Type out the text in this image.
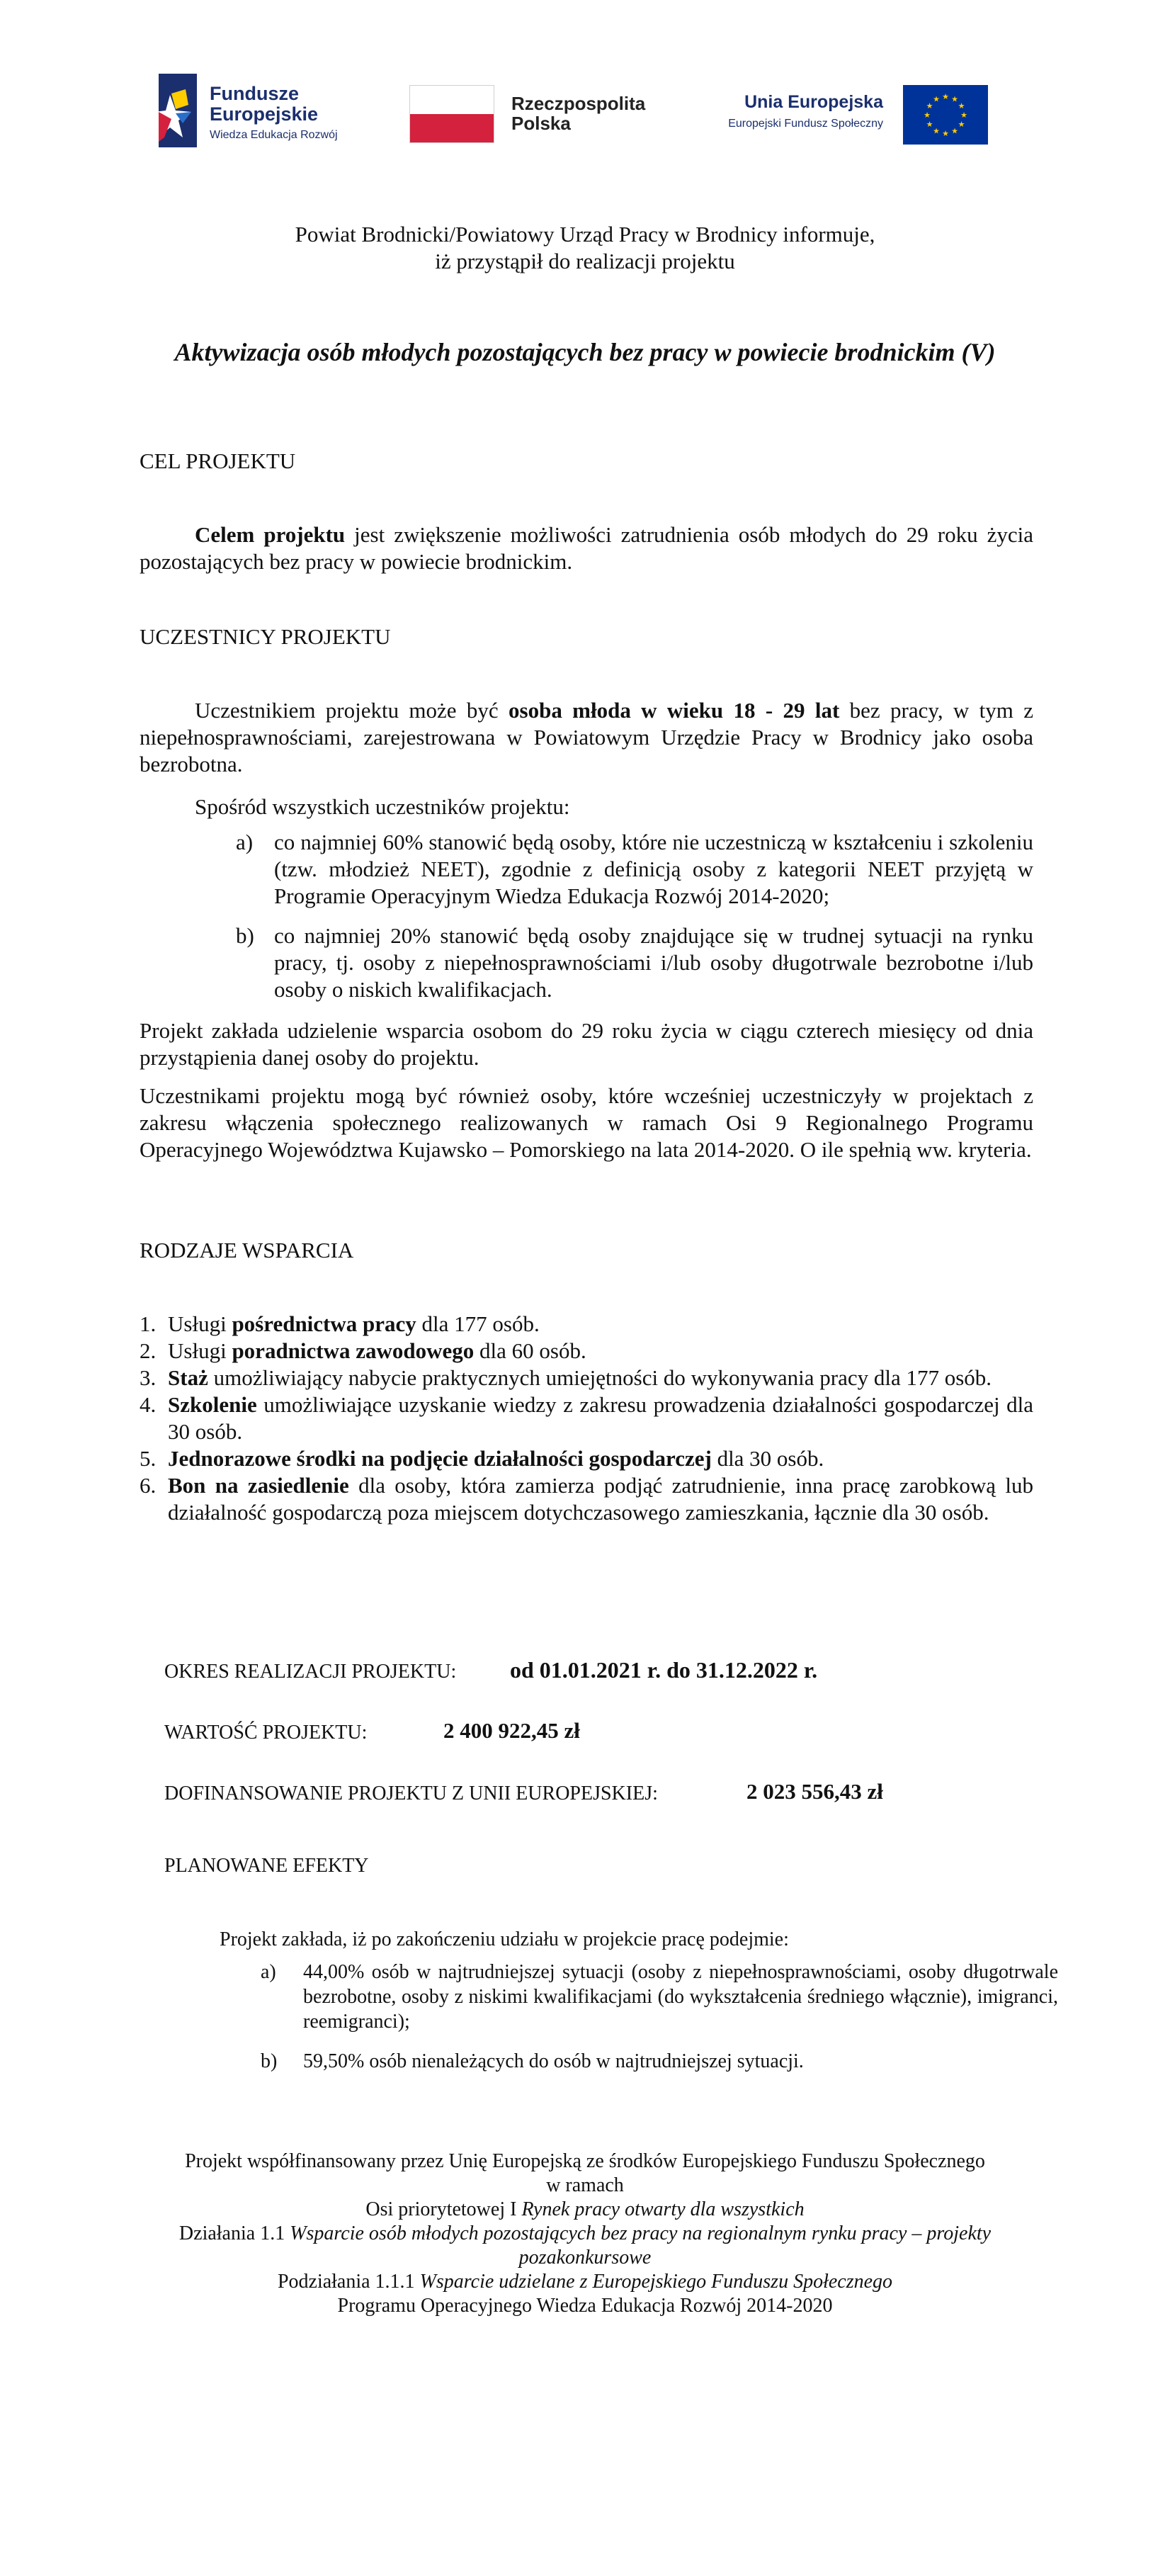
Fundusze
Europejskie
Wiedza Edukacja Rozwój
Rzeczpospolita
Polska
Unia Europejska
Europejski Fundusz Społeczny
★ ★
★
★
★
★
★
★
★
★
★
★
Powiat Brodnicki/Powiatowy Urząd Pracy w Brodnicy informuje,
iż przystąpił do realizacji projektu
Aktywizacja osób młodych pozostających bez pracy w powiecie brodnickim (V)
CEL PROJEKTU
Celem projektu jest zwiększenie możliwości zatrudnienia osób młodych do 29 roku życia pozostających bez pracy w powiecie brodnickim.
UCZESTNICY PROJEKTU
Uczestnikiem projektu może być osoba młoda w wieku 18 - 29 lat bez pracy, w tym z niepełnosprawnościami, zarejestrowana w Powiatowym Urzędzie Pracy w Brodnicy jako osoba bezrobotna.
Spośród wszystkich uczestników projektu:
a) co najmniej 60% stanowić będą osoby, które nie uczestniczą w kształceniu i szkoleniu (tzw. młodzież NEET), zgodnie z definicją osoby z kategorii NEET przyjętą w Programie Operacyjnym Wiedza Edukacja Rozwój 2014-2020;
b) co najmniej 20% stanowić będą osoby znajdujące się w trudnej sytuacji na rynku pracy, tj. osoby z niepełnosprawnościami i/lub osoby długotrwale bezrobotne i/lub osoby o niskich kwalifikacjach.
Projekt zakłada udzielenie wsparcia osobom do 29 roku życia w ciągu czterech miesięcy od dnia przystąpienia danej osoby do projektu.
Uczestnikami projektu mogą być również osoby, które wcześniej uczestniczyły w projektach z zakresu włączenia społecznego realizowanych w ramach Osi 9 Regionalnego Programu Operacyjnego Województwa Kujawsko – Pomorskiego na lata 2014-2020. O ile spełnią ww. kryteria.
RODZAJE WSPARCIA
1. Usługi pośrednictwa pracy dla 177 osób.
2. Usługi poradnictwa zawodowego dla 60 osób.
3. Staż umożliwiający nabycie praktycznych umiejętności do wykonywania pracy dla 177 osób.
4. Szkolenie umożliwiające uzyskanie wiedzy z zakresu prowadzenia działalności gospodarczej dla 30 osób.
5. Jednorazowe środki na podjęcie działalności gospodarczej dla 30 osób.
6. Bon na zasiedlenie dla osoby, która zamierza podjąć zatrudnienie, inna pracę zarobkową lub działalność gospodarczą poza miejscem dotychczasowego zamieszkania, łącznie dla 30 osób.
OKRES REALIZACJI PROJEKTU: od 01.01.2021 r. do 31.12.2022 r.
WARTOŚĆ PROJEKTU:	2 400 922,45 zł
DOFINANSOWANIE PROJEKTU Z UNII EUROPEJSKIEJ:	2 023 556,43 zł
PLANOWANE EFEKTY
Projekt zakłada, iż po zakończeniu udziału w projekcie pracę podejmie:
a) 44,00% osób w najtrudniejszej sytuacji (osoby z niepełnosprawnościami, osoby długotrwale bezrobotne, osoby z niskimi kwalifikacjami (do wykształcenia średniego włącznie), imigranci, reemigranci);
b) 59,50% osób nienależących do osób w najtrudniejszej sytuacji.
Projekt współfinansowany przez Unię Europejską ze środków Europejskiego Funduszu Społecznego
w ramach
Osi priorytetowej I Rynek pracy otwarty dla wszystkich
Działania 1.1 Wsparcie osób młodych pozostających bez pracy na regionalnym rynku pracy – projekty
pozakonkursowe
Podziałania 1.1.1 Wsparcie udzielane z Europejskiego Funduszu Społecznego
Programu Operacyjnego Wiedza Edukacja Rozwój 2014-2020
